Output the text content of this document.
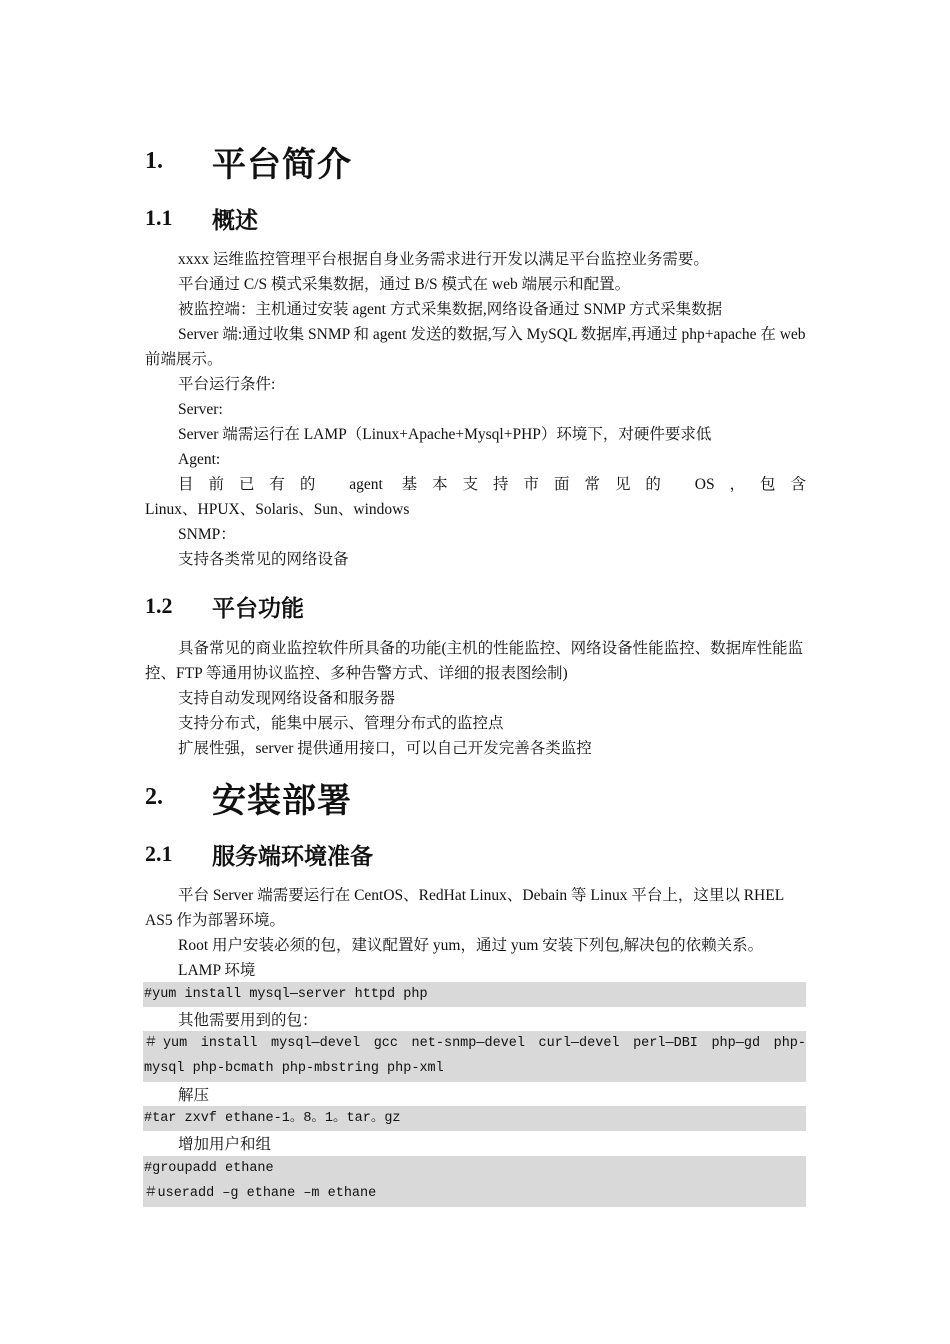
1.	平台简介
1.1	概述
xxxx 运维监控管理平台根据自身业务需求进行开发以满足平台监控业务需要。
平台通过 C/S 模式采集数据，通过 B/S 模式在 web 端展示和配置。
被监控端：主机通过安装 agent 方式采集数据,网络设备通过 SNMP 方式采集数据
Server 端:通过收集 SNMP 和 agent 发送的数据,写入 MySQL 数据库,再通过 php+apache 在 web 前端展示。
平台运行条件:
Server:
Server 端需运行在 LAMP（Linux+Apache+Mysql+PHP）环境下，对硬件要求低
Agent:
目前已有的 agent 基本支持市面常见的 OS，包含
Linux、HPUX、Solaris、Sun、windows
SNMP：
支持各类常见的网络设备
1.2	平台功能
具备常见的商业监控软件所具备的功能(主机的性能监控、网络设备性能监控、数据库性能监控、FTP 等通用协议监控、多种告警方式、详细的报表图绘制)
支持自动发现网络设备和服务器
支持分布式，能集中展示、管理分布式的监控点
扩展性强，server 提供通用接口，可以自己开发完善各类监控
2.	安装部署
2.1	服务端环境准备
平台 Server 端需要运行在 CentOS、RedHat Linux、Debain 等 Linux 平台上，这里以 RHEL AS5 作为部署环境。
Root 用户安装必须的包，建议配置好 yum，通过 yum 安装下列包,解决包的依赖关系。
LAMP 环境
#yum install mysql—server httpd php
其他需要用到的包：
＃yum install mysql—devel gcc net-snmp—devel curl—devel perl—DBI php—gd php-
mysql php-bcmath php-mbstring php-xml
解压
#tar zxvf ethane-1。8。1。tar。gz
增加用户和组
#groupadd ethane
＃useradd –g ethane –m ethane
